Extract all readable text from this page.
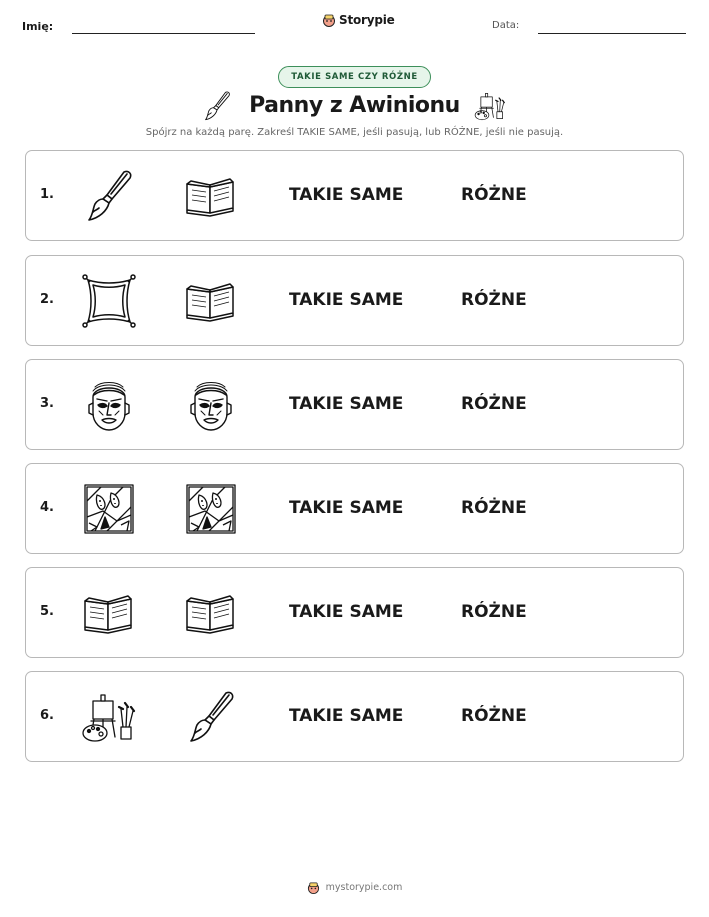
Imię:	Storypie	Data:
TAKIE SAME CZY RÓŻNE
Panny z Awinionu
Spójrz na każdą parę. Zakreśl TAKIE SAME, jeśli pasują, lub RÓŻNE, jeśli nie pasują.
1.	TAKIE SAME	RÓŻNE
2.	TAKIE SAME	RÓŻNE
3.	TAKIE SAME	RÓŻNE
4.	TAKIE SAME	RÓŻNE
5.	TAKIE SAME	RÓŻNE
6.	TAKIE SAME	RÓŻNE
mystorypie.com
